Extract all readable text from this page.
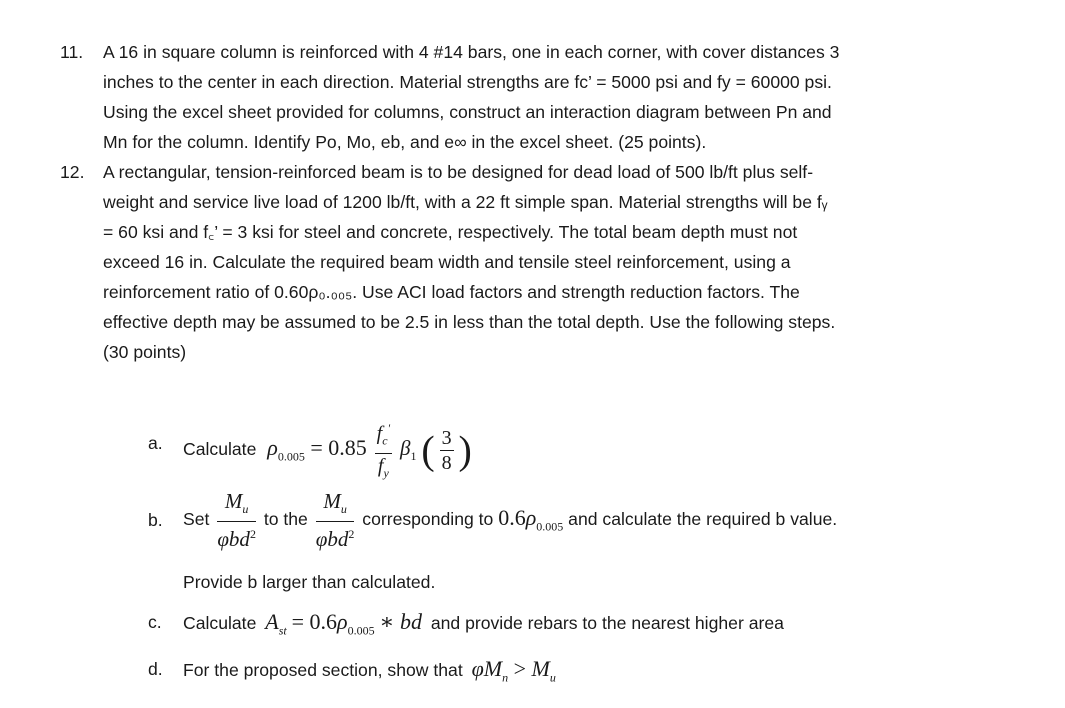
11.	A 16 in square column is reinforced with 4 #14 bars, one in each corner, with cover distances 3
inches to the center in each direction. Material strengths are fc’ = 5000 psi and fy = 60000 psi.
Using the excel sheet provided for columns, construct an interaction diagram between Pn and
Mn for the column. Identify Po, Mo, eb, and e∞ in the excel sheet. (25 points).
12.	A rectangular, tension-reinforced beam is to be designed for dead load of 500 lb/ft plus self-
weight and service live load of 1200 lb/ft, with a 22 ft simple span. Material strengths will be fᵧ
= 60 ksi and f꜀’ = 3 ksi for steel and concrete, respectively. The total beam depth must not
exceed 16 in. Calculate the required beam width and tensile steel reinforcement, using a
reinforcement ratio of 0.60ρ₀.₀₀₅. Use ACI load factors and strength reduction factors. The
effective depth may be assumed to be 2.5 in less than the total depth. Use the following steps.
(30 points)
a.	Calculate $\rho_{0.005} = 0.85 \frac{f_c'}{f_y} \beta_1$ ( $\frac{3}{8}$ )
b.	Set $\frac{M_u}{\varphi bd^2}$ to the $\frac{M_u}{\varphi bd^2}$ corresponding to $0.6\rho_{0.005}$ and calculate the required b value.
Provide b larger than calculated.
c.	Calculate $A_{st} = 0.6\rho_{0.005}$ ∗ bd and provide rebars to the nearest higher area
d.	For the proposed section, show that $\varphi M_n > M_u$
